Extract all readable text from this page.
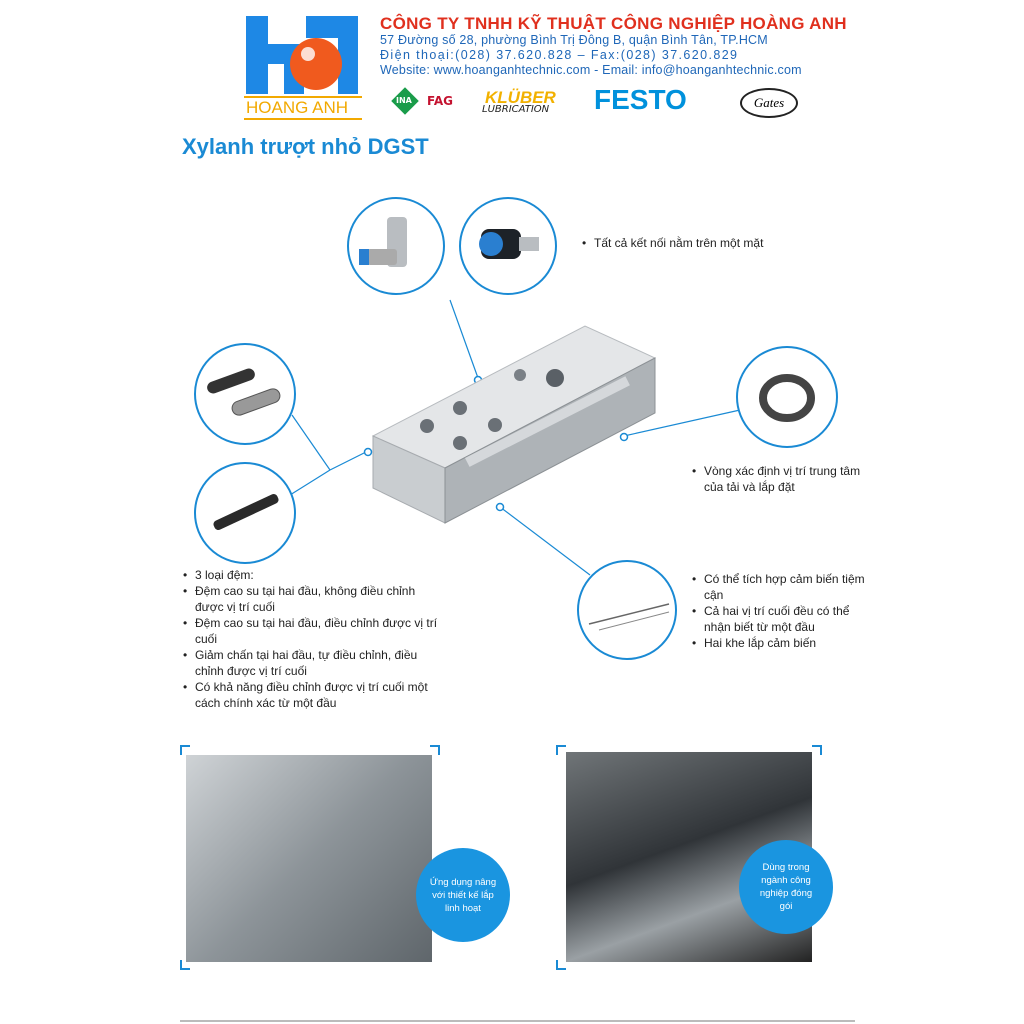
HOANG ANH
CÔNG TY TNHH KỸ THUẬT CÔNG NGHIỆP HOÀNG ANH
57 Đường số 28, phường Bình Trị Đông B, quận Bình Tân, TP.HCM
Điện thoại:(028) 37.620.828 – Fax:(028) 37.620.829
Website: www.hoanganhtechnic.com - Email: info@hoanganhtechnic.com
INA FAG KLÜBER
LUBRICATION FESTO	Gates
Xylanh trượt nhỏ DGST
• Tất cả kết nối nằm trên một mặt
• Vòng xác định vị trí trung tâm của tải và lắp đặt
• Có thể tích hợp cảm biến tiệm cận
• Cả hai vị trí cuối đều có thể nhận biết từ một đầu
• Hai khe lắp cảm biến
• 3 loại đệm:
• Đệm cao su tại hai đầu, không điều chỉnh được vị trí cuối
• Đệm cao su tại hai đầu, điều chỉnh được vị trí cuối
• Giảm chấn tại hai đầu, tự điều chỉnh, điều chỉnh được vị trí cuối
• Có khả năng điều chỉnh được vị trí cuối một cách chính xác từ một đầu
Ứng dụng nâng với thiết kế lắp linh hoạt
Dùng trong ngành công nghiệp đóng gói
